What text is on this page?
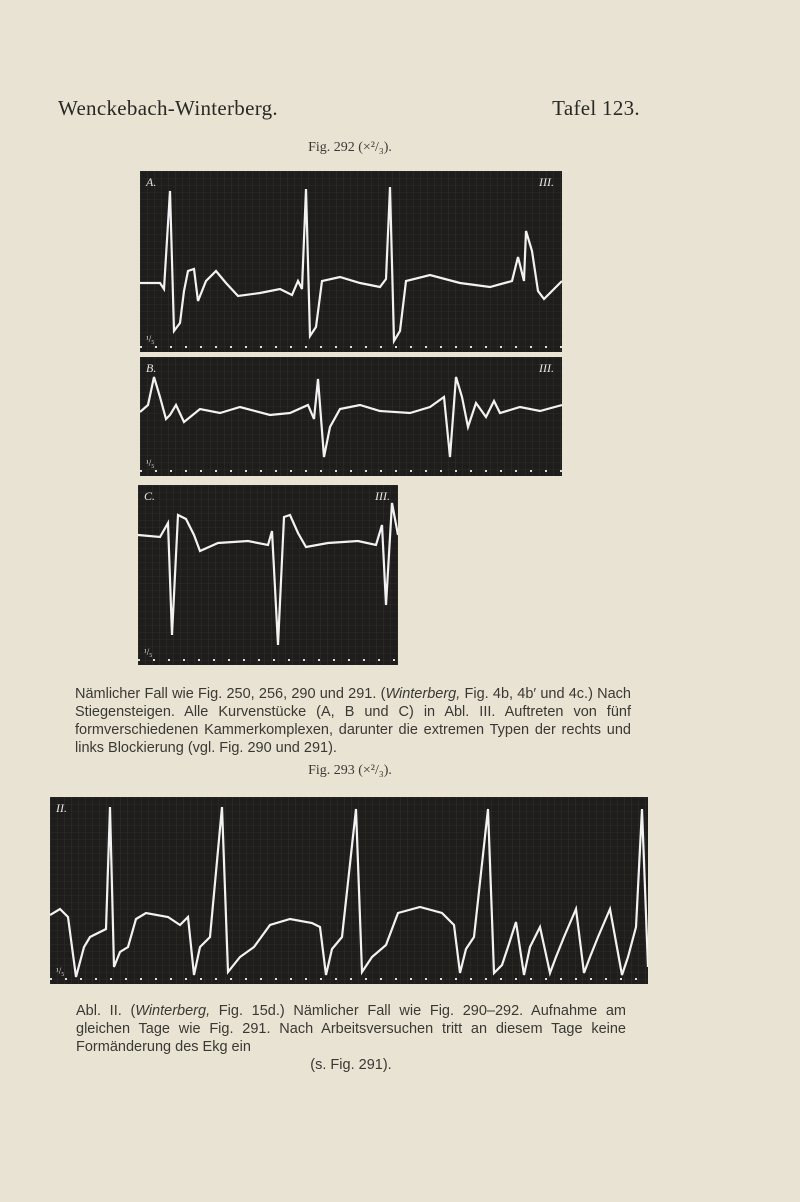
Wenckebach-Winterberg.	Tafel 123.
Fig. 292 (×²/₃).
A.	III.
¹/₅
B.	III.
¹/₅
C.	III.
¹/₅

Nämlicher Fall wie Fig. 250, 256, 290 und 291. (Winterberg, Fig. 4b, 4b′ und 4c.) Nach Stiegensteigen. Alle Kurvenstücke (A, B und C) in Abl. III. Auftreten von fünf formverschiedenen Kammerkomplexen, darunter die extremen Typen der rechts und links Blockierung (vgl. Fig. 290 und 291).

Fig. 293 (×²/₃).
II.
¹/₅

Abl. II. (Winterberg, Fig. 15d.) Nämlicher Fall wie Fig. 290–292. Aufnahme am gleichen Tage wie Fig. 291. Nach Arbeitsversuchen tritt an diesem Tage keine Formänderung des Ekg ein

(s. Fig. 291).
